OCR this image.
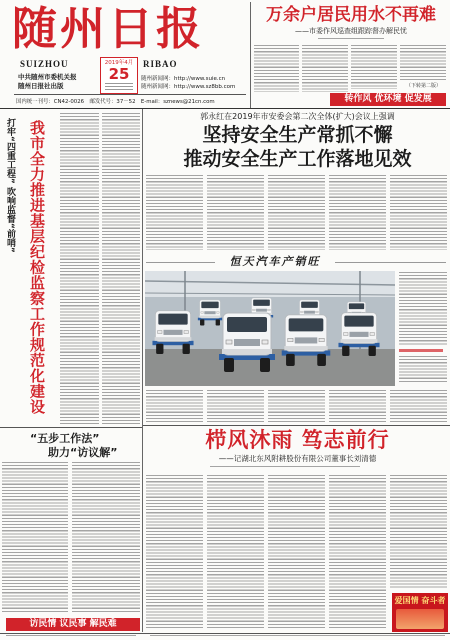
随州日报
SUIZHOU	RIBAO
2019年4月
25
中共随州市委机关报
随州日报社出版
随州新闻网：http://www.suie.cn
随州新闻网：http://www.sz8bb.com
国内统一刊号：CN42-0026　邮发代号：37－52　E-mail：sznews@21cn.com
万余户居民用水不再难
——市委作风巡查组跟踪督办解民忧
（下转第二版）
转作风 优环境 促发展
打牢“四重工程” 吹响监督“前哨” 我市全力推进基层纪检监察工作规范化建设
“五步工作法”
助力“访议解”
访民情 议民事 解民难
郭永红在2019年市安委会第二次全体(扩大)会议上强调
坚持安全生产常抓不懈
推动安全生产工作落地见效
恒天汽车产销旺
栉风沐雨 笃志前行
——记湖北东风附耕股份有限公司董事长刘清德
爱国情 奋斗者
